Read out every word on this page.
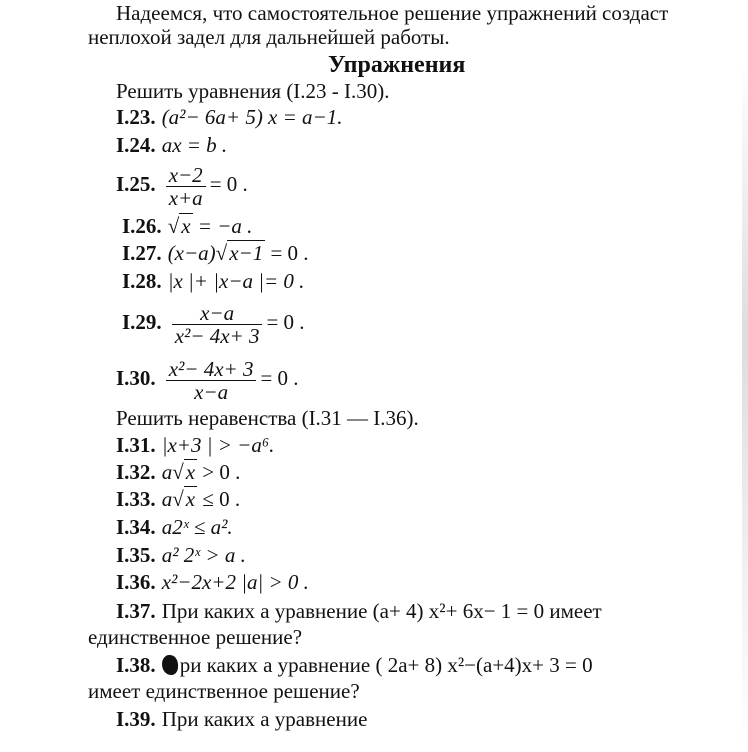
Надеемся, что самостоятельное решение упражнений создаст
неплохой задел для дальнейшей работы.
Упражнения
Решить уравнения (I.23 - I.30).
I.23. (a²− 6a+ 5) x = a−1.
I.24. ax = b .
I.25. $\frac{x-2}{x+a} = 0$ .
I.26. √x = −a .
I.27. (x−a)√x−1 = 0 .
I.28. |x |+ |x−a |= 0 .
I.29. $\frac{x-a}{\text{x²− 4x+ 3}} = 0$ .
I.30. $\frac{\text{x²− 4x+ 3}}{x-a} = 0$ .
Решить неравенства (I.31 — I.36).
I.31. |x+3 | > −a⁶.
I.32. a√x > 0 .
I.33. a√x ≤ 0 .
I.34. a2ˣ ≤ a².
I.35. a² 2ˣ > a .
I.36. x²−2x+2 |a| > 0 .
I.37. При каких a уравнение (a+ 4) x²+ 6x− 1 = 0 имеет
единственное решение?
I.38. ри каких a уравнение ( 2a+ 8) x²−(a+4)x+ 3 = 0
имеет единственное решение?
I.39. При каких a уравнение
